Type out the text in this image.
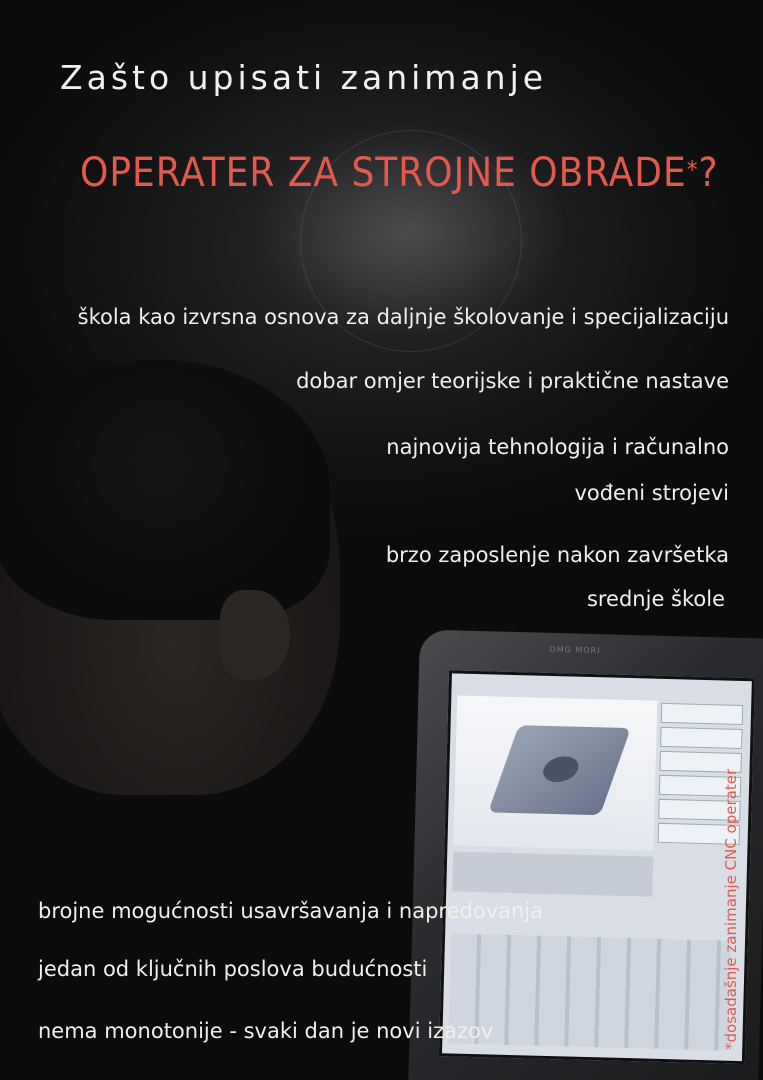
Zašto upisati zanimanje
OPERATER ZA STROJNE OBRADE*?
škola kao izvrsna osnova za daljnje školovanje i specijalizaciju
dobar omjer teorijske i praktične nastave
najnovija tehnologija i računalno
vođeni strojevi
brzo zaposlenje nakon završetka
srednje škole
DMG MORI
brojne mogućnosti usavršavanja i napredovanja
jedan od ključnih poslova budućnosti
nema monotonije - svaki dan je novi izazov	*dosadašnje zanimanje CNC operater
